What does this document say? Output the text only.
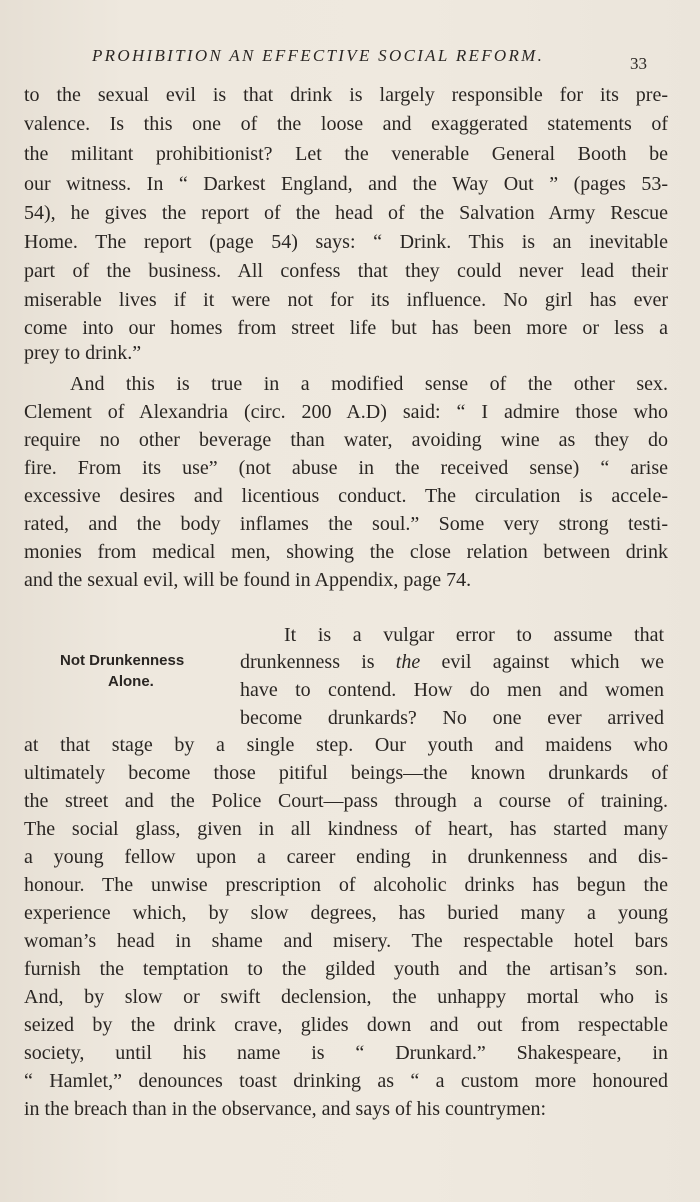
PROHIBITION AN EFFECTIVE SOCIAL REFORM.	33
to the sexual evil is that drink is largely responsible for its pre-
valence. Is this one of the loose and exaggerated statements of
the militant prohibitionist? Let the venerable General Booth be
our witness. In “ Darkest England, and the Way Out ” (pages 53-
54), he gives the report of the head of the Salvation Army Rescue
Home. The report (page 54) says: “ Drink. This is an inevitable
part of the business. All confess that they could never lead their
miserable lives if it were not for its influence. No girl has ever
come into our homes from street life but has been more or less a
prey to drink.”
And this is true in a modified sense of the other sex.
Clement of Alexandria (circ. 200 A.D) said: “ I admire those who
require no other beverage than water, avoiding wine as they do
fire. From its use” (not abuse in the received sense) “ arise
excessive desires and licentious conduct. The circulation is accele-
rated, and the body inflames the soul.” Some very strong testi-
monies from medical men, showing the close relation between drink
and the sexual evil, will be found in Appendix, page 74.
Not Drunkenness
Alone.
It is a vulgar error to assume that
drunkenness is the evil against which we
have to contend. How do men and women
become drunkards? No one ever arrived
at that stage by a single step. Our youth and maidens who
ultimately become those pitiful beings—the known drunkards of
the street and the Police Court—pass through a course of training.
The social glass, given in all kindness of heart, has started many
a young fellow upon a career ending in drunkenness and dis-
honour. The unwise prescription of alcoholic drinks has begun the
experience which, by slow degrees, has buried many a young
woman’s head in shame and misery. The respectable hotel bars
furnish the temptation to the gilded youth and the artisan’s son.
And, by slow or swift declension, the unhappy mortal who is
seized by the drink crave, glides down and out from respectable
society, until his name is “ Drunkard.” Shakespeare, in
“ Hamlet,” denounces toast drinking as “ a custom more honoured
in the breach than in the observance, and says of his countrymen:
